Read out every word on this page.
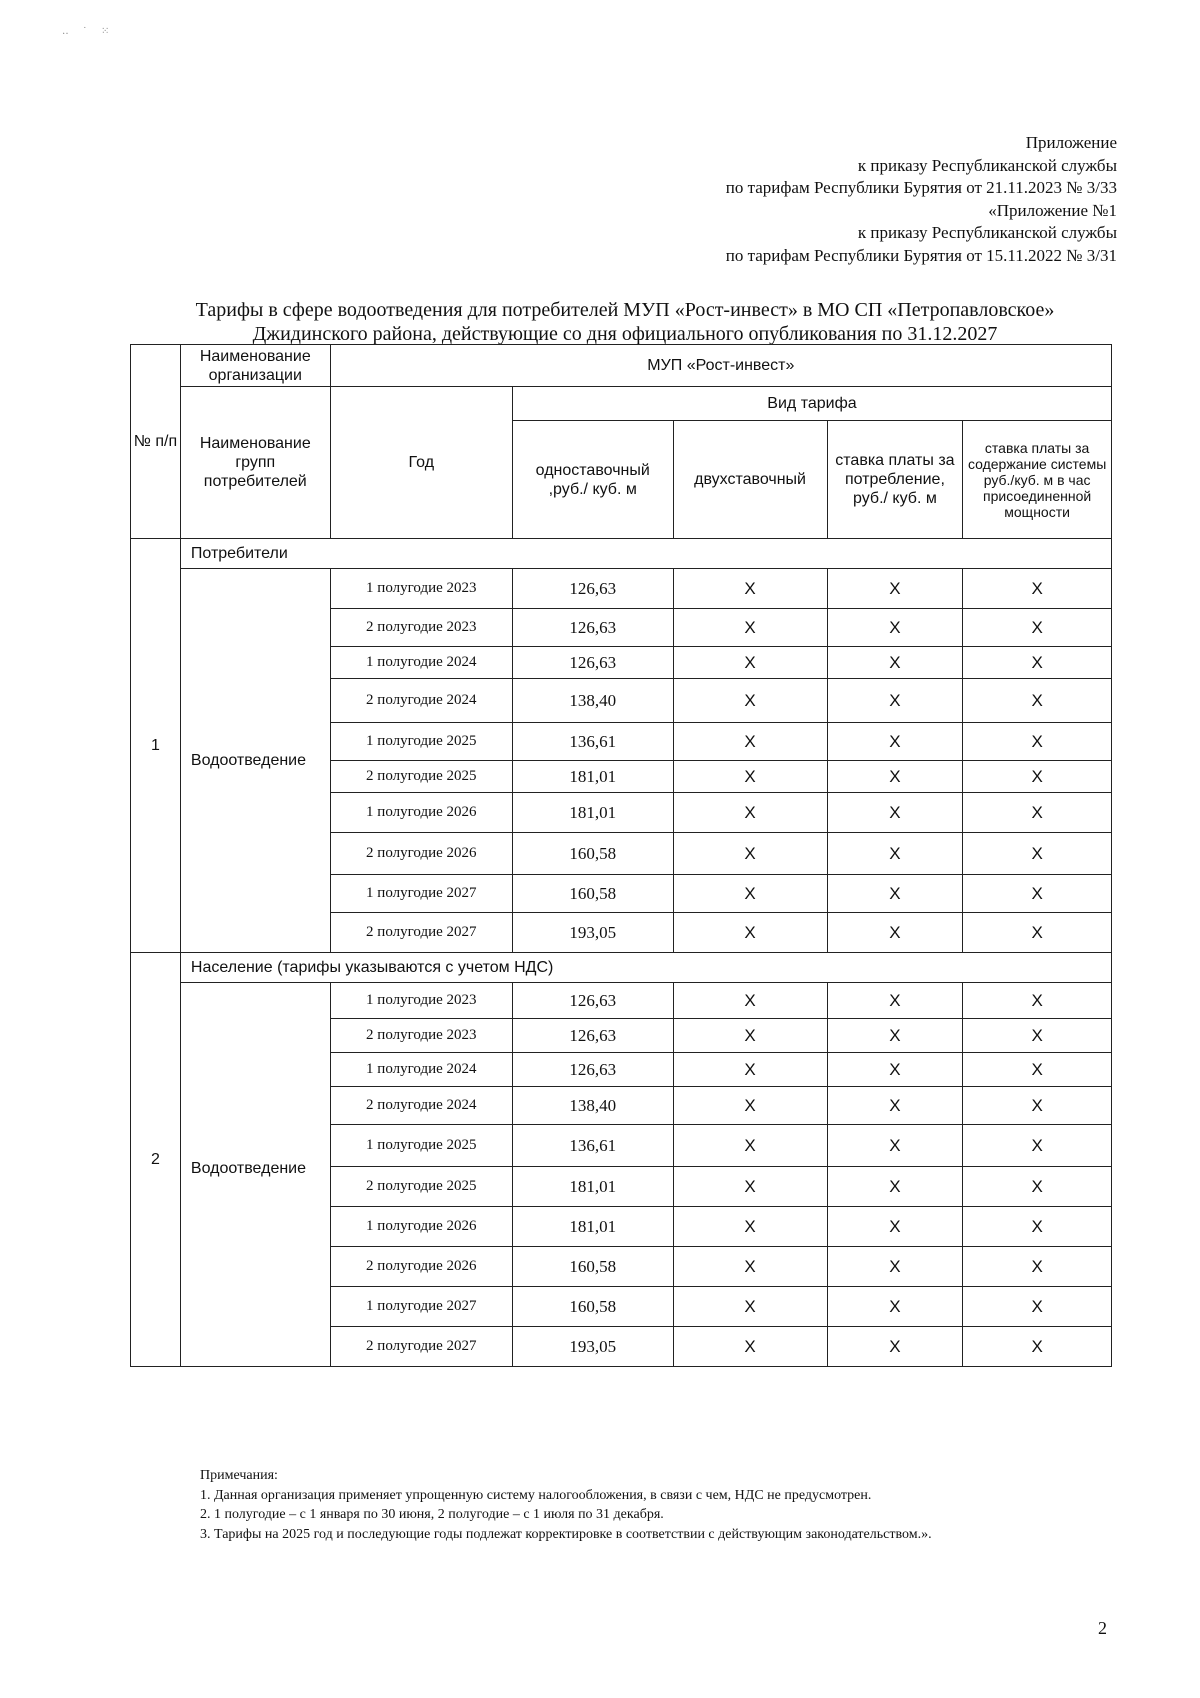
‥ ˙ ⁙
Приложение
к приказу Республиканской службы
по тарифам Республики Бурятия от 21.11.2023 № 3/33
«Приложение №1
к приказу Республиканской службы
по тарифам Республики Бурятия от 15.11.2022 № 3/31
Тарифы в сфере водоотведения для потребителей МУП «Рост-инвест» в МО СП «Петропавловское»
Джидинского района, действующие со дня официального опубликования по 31.12.2027
№ п/п	Наименование организации	МУП «Рост-инвест»				
	Наименование групп потребителей	Год	Вид тарифа			
			одноставочный ,руб./ куб. м	двухставочный	ставка платы за потребление, руб./ куб. м	ставка платы за содержание системы руб./куб. м в час присоединенной мощности
1	Потребители					
	Водоотведение	1 полугодие 2023	126,63	X	X	X
		2 полугодие 2023	126,63	X	X	X
		1 полугодие 2024	126,63	X	X	X
		2 полугодие 2024	138,40	X	X	X
		1 полугодие 2025	136,61	X	X	X
		2 полугодие 2025	181,01	X	X	X
		1 полугодие 2026	181,01	X	X	X
		2 полугодие 2026	160,58	X	X	X
		1 полугодие 2027	160,58	X	X	X
		2 полугодие 2027	193,05	X	X	X
2	Население (тарифы указываются с учетом НДС)					
	Водоотведение	1 полугодие 2023	126,63	X	X	X
		2 полугодие 2023	126,63	X	X	X
		1 полугодие 2024	126,63	X	X	X
		2 полугодие 2024	138,40	X	X	X
		1 полугодие 2025	136,61	X	X	X
		2 полугодие 2025	181,01	X	X	X
		1 полугодие 2026	181,01	X	X	X
		2 полугодие 2026	160,58	X	X	X
		1 полугодие 2027	160,58	X	X	X
		2 полугодие 2027	193,05	X	X	X

Примечания:

1. Данная организация применяет упрощенную систему налогообложения, в связи с чем, НДС не предусмотрен.

2. 1 полугодие – с 1 января по 30 июня, 2 полугодие – с 1 июля по 31 декабря.

3. Тарифы на 2025 год и последующие годы подлежат корректировке в соответствии с действующим законодательством.».

2
